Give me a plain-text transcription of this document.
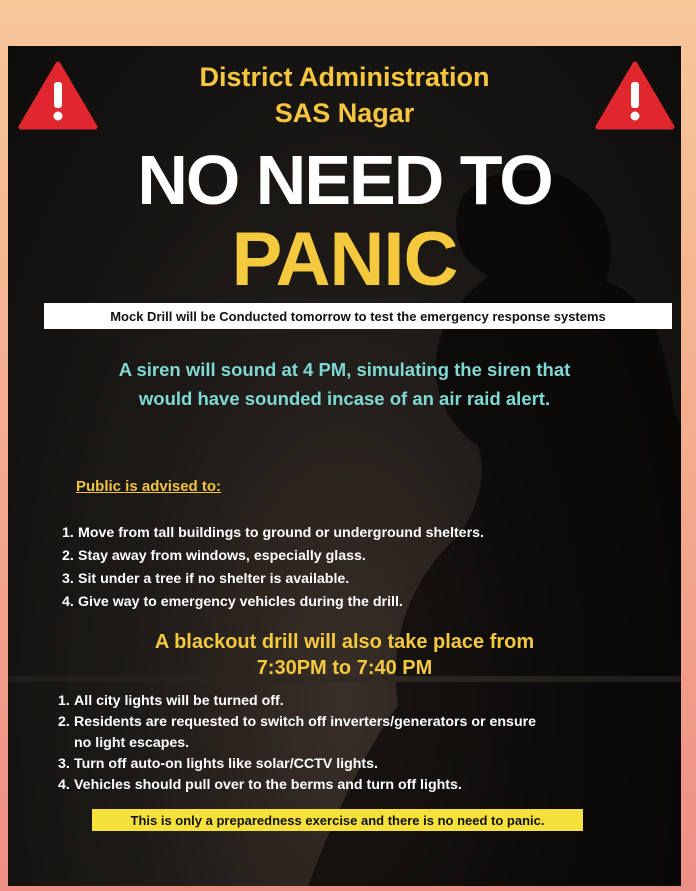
District Administration
SAS Nagar
NO NEED TO
PANIC
Mock Drill will be Conducted tomorrow to test the emergency response systems
A siren will sound at 4 PM, simulating the siren that
would have sounded incase of an air raid alert.
Public is advised to:
1. Move from tall buildings to ground or underground shelters.
2. Stay away from windows, especially glass.
3. Sit under a tree if no shelter is available.
4. Give way to emergency vehicles during the drill.
A blackout drill will also take place from
7:30PM to 7:40 PM
1. All city lights will be turned off.
2. Residents are requested to switch off inverters/generators or ensure
no light escapes.
3. Turn off auto-on lights like solar/CCTV lights.
4. Vehicles should pull over to the berms and turn off lights.
This is only a preparedness exercise and there is no need to panic.
